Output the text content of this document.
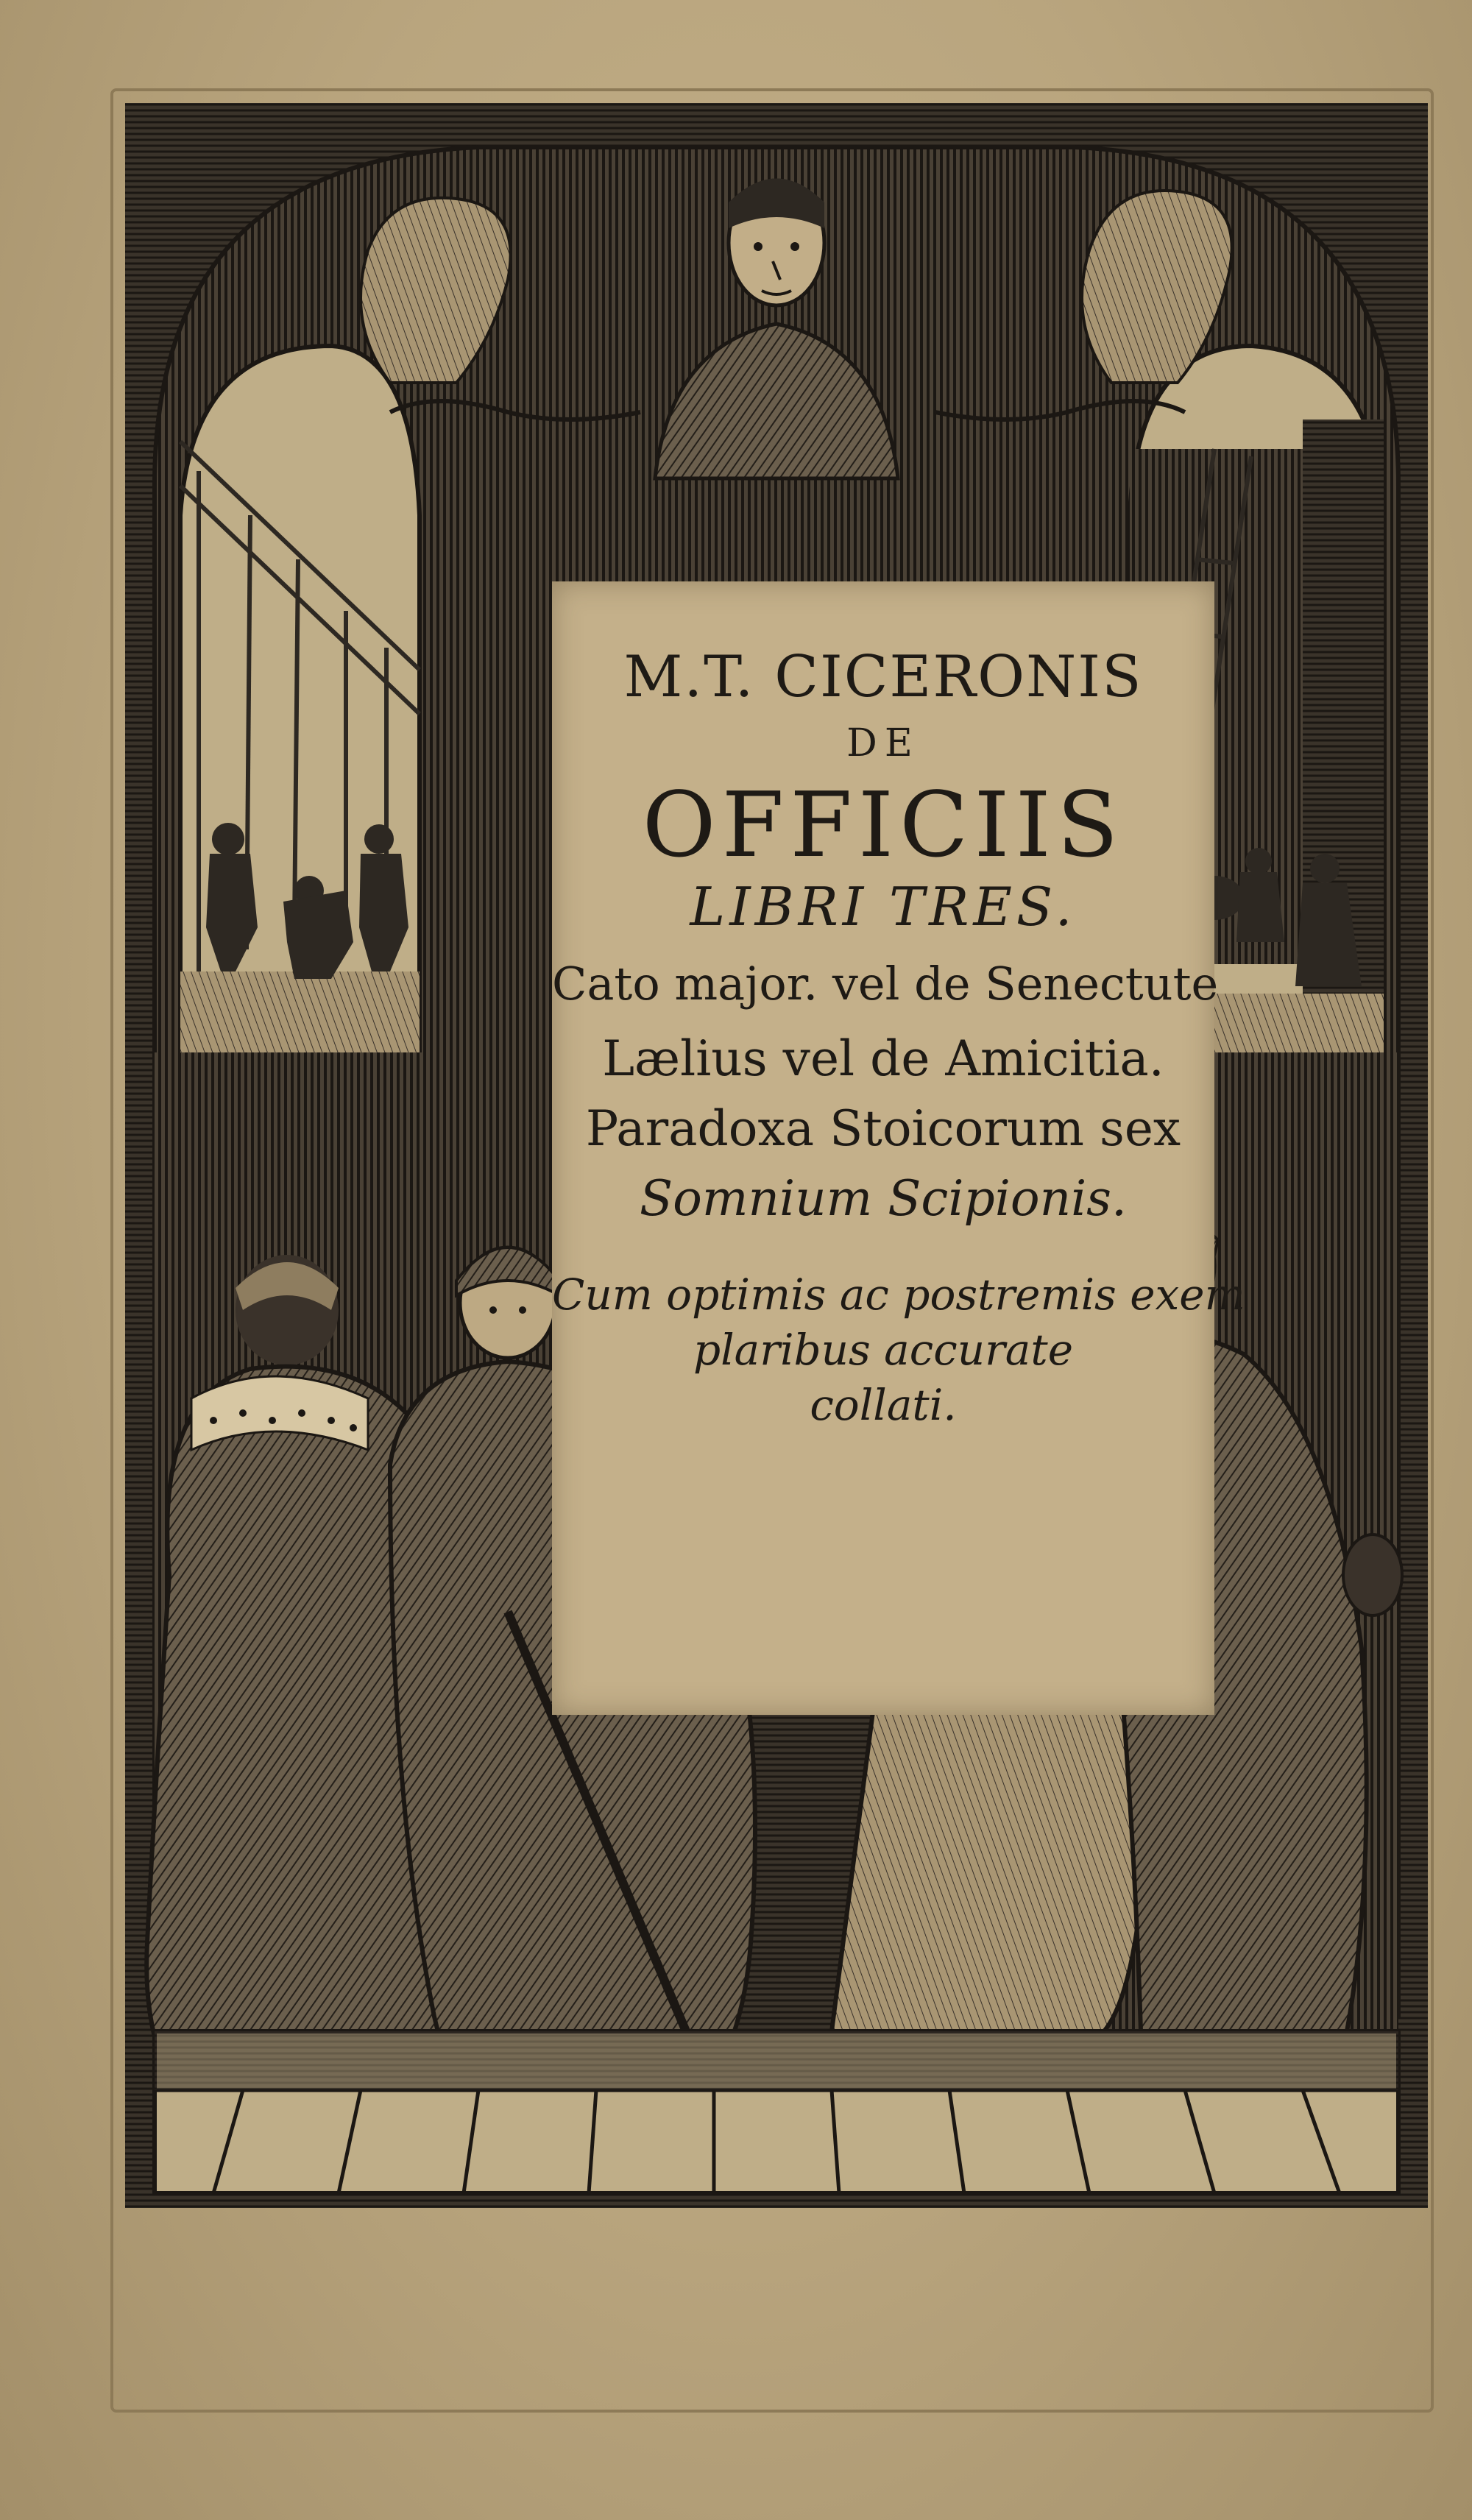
M.T. CICERONIS
DE
OFFICIIS
LIBRI TRES.
Cato major. vel de Senectute
Lælius vel de Amicitia.
Paradoxa Stoicorum sex
Somnium Scipionis.
Cum optimis ac postremis exem
plaribus accurate
collati.
